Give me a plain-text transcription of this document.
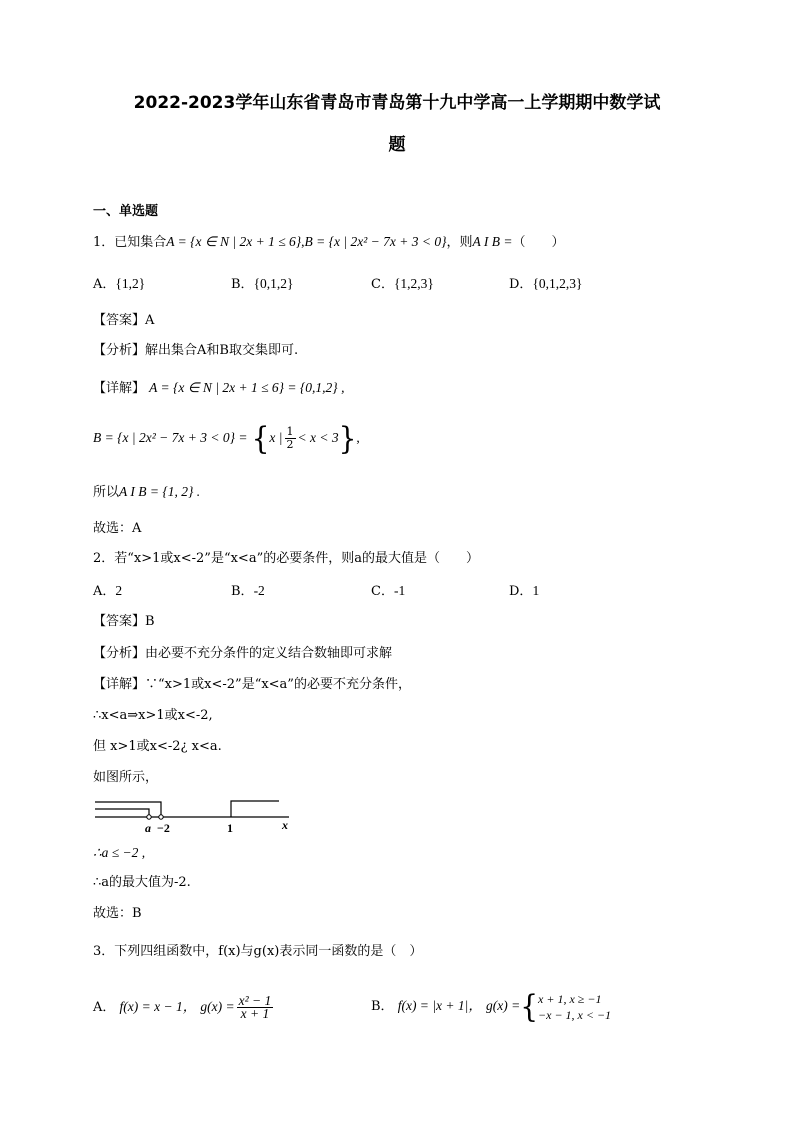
2022-2023学年山东省青岛市青岛第十九中学高一上学期期中数学试
题
一、单选题
1．已知集合A = {x ∈ N | 2x + 1 ≤ 6},B = {x | 2x² − 7x + 3 < 0}，则A I B =（　　）
A．{1,2}	B．{0,1,2}	C．{1,2,3}	D．{0,1,2,3}
【答案】A
【分析】解出集合A和B取交集即可.
【详解】 A = {x ∈ N | 2x + 1 ≤ 6} = {0,1,2} ,
B = {x | 2x² − 7x + 3 < 0} = {x | $\frac{1}{2} < x < 3$},
所以A I B = {1, 2} .
故选：A
2．若“x>1或x<-2”是“x<a”的必要条件，则a的最大值是（　　）
A．2	B．-2	C．-1	D．1
【答案】B
【分析】由必要不充分条件的定义结合数轴即可求解
【详解】∵“x>1或x<-2”是“x<a”的必要不充分条件，
∴x<a⇒x>1或x<-2,
但 x>1或x<-2¿ x<a.
如图所示，
a −2	1	x
∴a ≤ −2 ,
∴a的最大值为-2.
故选：B
3．下列四组函数中，f(x)与g(x)表示同一函数的是（　）
A． f(x) = x − 1， $g(x) = \frac{\text{x² − 1}}{x + 1}$	B． f(x) = |x + 1|， g(x) ={ x + 1, x ≥ −1
−x − 1, x < −1
